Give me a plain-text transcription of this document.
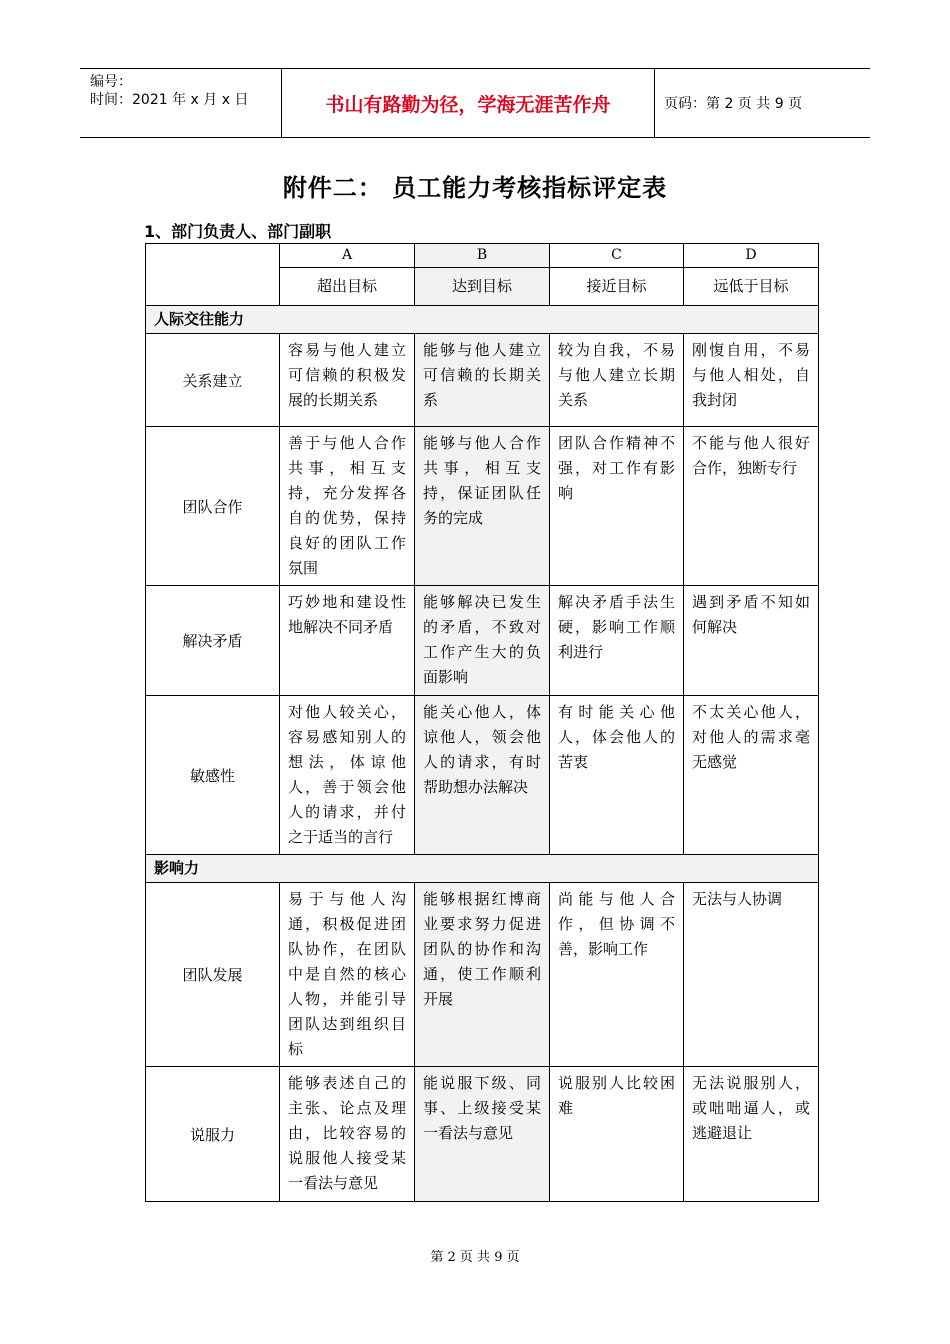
编号：
时间：2021 年 x 月 x 日	书山有路勤为径，学海无涯苦作舟	页码：第 2 页 共 9 页
附件二： 员工能力考核指标评定表
1、部门负责人、部门副职
	A	B	C	D
	超出目标	达到目标	接近目标	远低于目标
人际交往能力				
关系建立	容易与他人建立可信赖的积极发展的长期关系	能够与他人建立可信赖的长期关系	较为自我，不易与他人建立长期关系	刚愎自用，不易与他人相处，自我封闭
团队合作	善于与他人合作共事，相互支持，充分发挥各自的优势，保持良好的团队工作氛围	能够与他人合作共事，相互支持，保证团队任务的完成	团队合作精神不强，对工作有影响	不能与他人很好合作，独断专行
解决矛盾	巧妙地和建设性地解决不同矛盾	能够解决已发生的矛盾，不致对工作产生大的负面影响	解决矛盾手法生硬，影响工作顺利进行	遇到矛盾不知如何解决
敏感性	对他人较关心，容易感知别人的想法，体谅他人，善于领会他人的请求，并付之于适当的言行	能关心他人，体谅他人，领会他人的请求，有时帮助想办法解决	有时能关心他人，体会他人的苦衷	不太关心他人，对他人的需求毫无感觉
影响力				
团队发展	易于与他人沟通，积极促进团队协作，在团队中是自然的核心人物，并能引导团队达到组织目标	能够根据红博商业要求努力促进团队的协作和沟通，使工作顺利开展	尚能与他人合作，但协调不善，影响工作	无法与人协调
说服力	能够表述自己的主张、论点及理由，比较容易的说服他人接受某一看法与意见	能说服下级、同事、上级接受某一看法与意见	说服别人比较困难	无法说服别人，或咄咄逼人，或逃避退让
第 2 页 共 9 页
